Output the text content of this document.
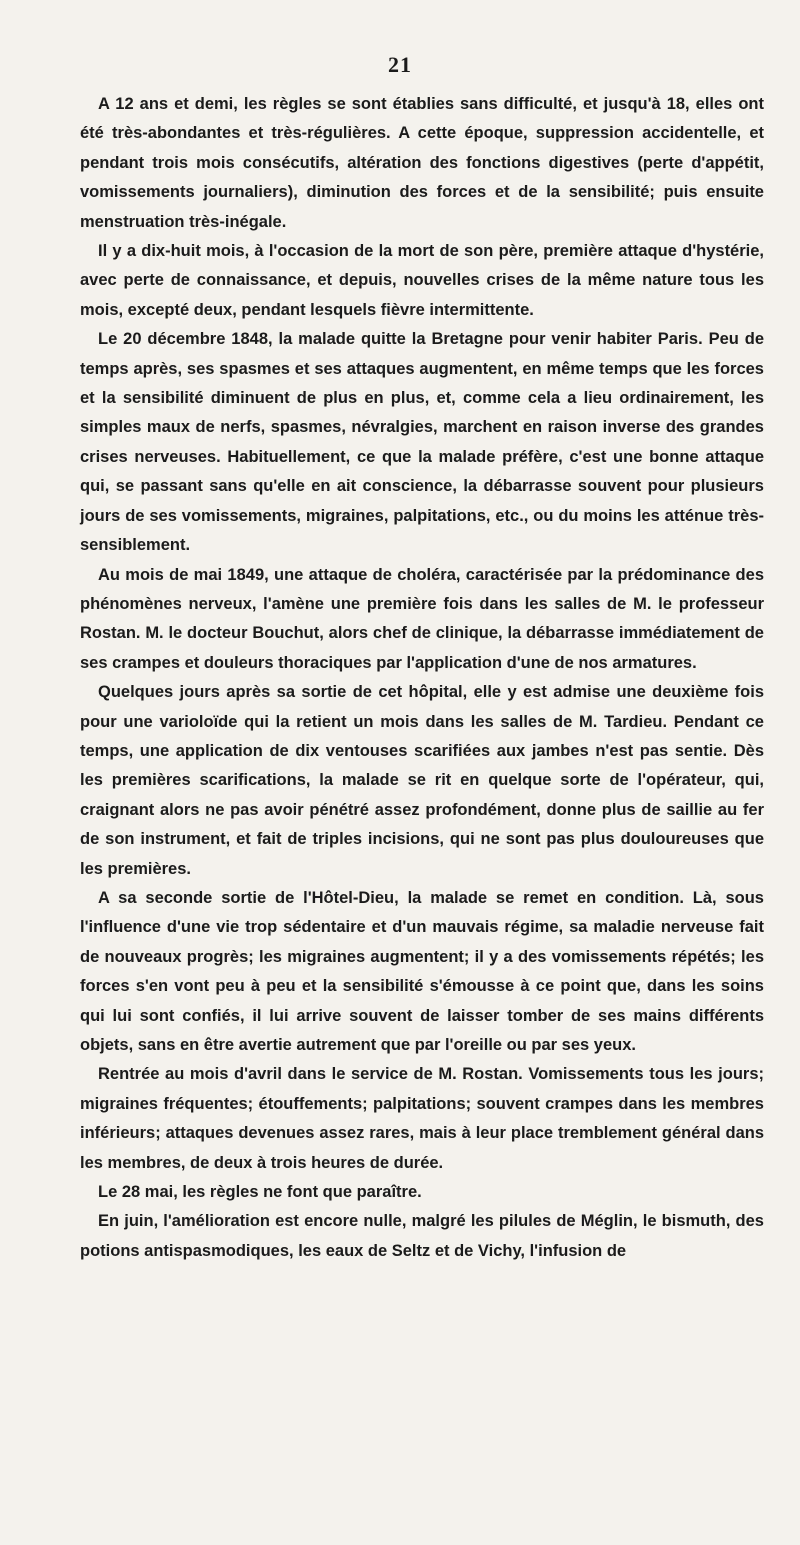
21

A 12 ans et demi, les règles se sont établies sans difficulté, et jusqu'à 18, elles ont été très-abondantes et très-régulières. A cette époque, suppression accidentelle, et pendant trois mois consécutifs, altération des fonctions digestives (perte d'appétit, vomissements journaliers), diminution des forces et de la sensibilité; puis ensuite menstruation très-inégale.

Il y a dix-huit mois, à l'occasion de la mort de son père, première attaque d'hystérie, avec perte de connaissance, et depuis, nouvelles crises de la même nature tous les mois, excepté deux, pendant lesquels fièvre intermittente.

Le 20 décembre 1848, la malade quitte la Bretagne pour venir habiter Paris. Peu de temps après, ses spasmes et ses attaques augmentent, en même temps que les forces et la sensibilité diminuent de plus en plus, et, comme cela a lieu ordinairement, les simples maux de nerfs, spasmes, névralgies, marchent en raison inverse des grandes crises nerveuses. Habituellement, ce que la malade préfère, c'est une bonne attaque qui, se passant sans qu'elle en ait conscience, la débarrasse souvent pour plusieurs jours de ses vomissements, migraines, palpitations, etc., ou du moins les atténue très-sensiblement.

Au mois de mai 1849, une attaque de choléra, caractérisée par la prédominance des phénomènes nerveux, l'amène une première fois dans les salles de M. le professeur Rostan. M. le docteur Bouchut, alors chef de clinique, la débarrasse immédiatement de ses crampes et douleurs thoraciques par l'application d'une de nos armatures.

Quelques jours après sa sortie de cet hôpital, elle y est admise une deuxième fois pour une varioloïde qui la retient un mois dans les salles de M. Tardieu. Pendant ce temps, une application de dix ventouses scarifiées aux jambes n'est pas sentie. Dès les premières scarifications, la malade se rit en quelque sorte de l'opérateur, qui, craignant alors ne pas avoir pénétré assez profondément, donne plus de saillie au fer de son instrument, et fait de triples incisions, qui ne sont pas plus douloureuses que les premières.

A sa seconde sortie de l'Hôtel-Dieu, la malade se remet en condition. Là, sous l'influence d'une vie trop sédentaire et d'un mauvais régime, sa maladie nerveuse fait de nouveaux progrès; les migraines augmentent; il y a des vomissements répétés; les forces s'en vont peu à peu et la sensibilité s'émousse à ce point que, dans les soins qui lui sont confiés, il lui arrive souvent de laisser tomber de ses mains différents objets, sans en être avertie autrement que par l'oreille ou par ses yeux.

Rentrée au mois d'avril dans le service de M. Rostan. Vomissements tous les jours; migraines fréquentes; étouffements; palpitations; souvent crampes dans les membres inférieurs; attaques devenues assez rares, mais à leur place tremblement général dans les membres, de deux à trois heures de durée.

Le 28 mai, les règles ne font que paraître.

En juin, l'amélioration est encore nulle, malgré les pilules de Méglin, le bismuth, des potions antispasmodiques, les eaux de Seltz et de Vichy, l'infusion de
